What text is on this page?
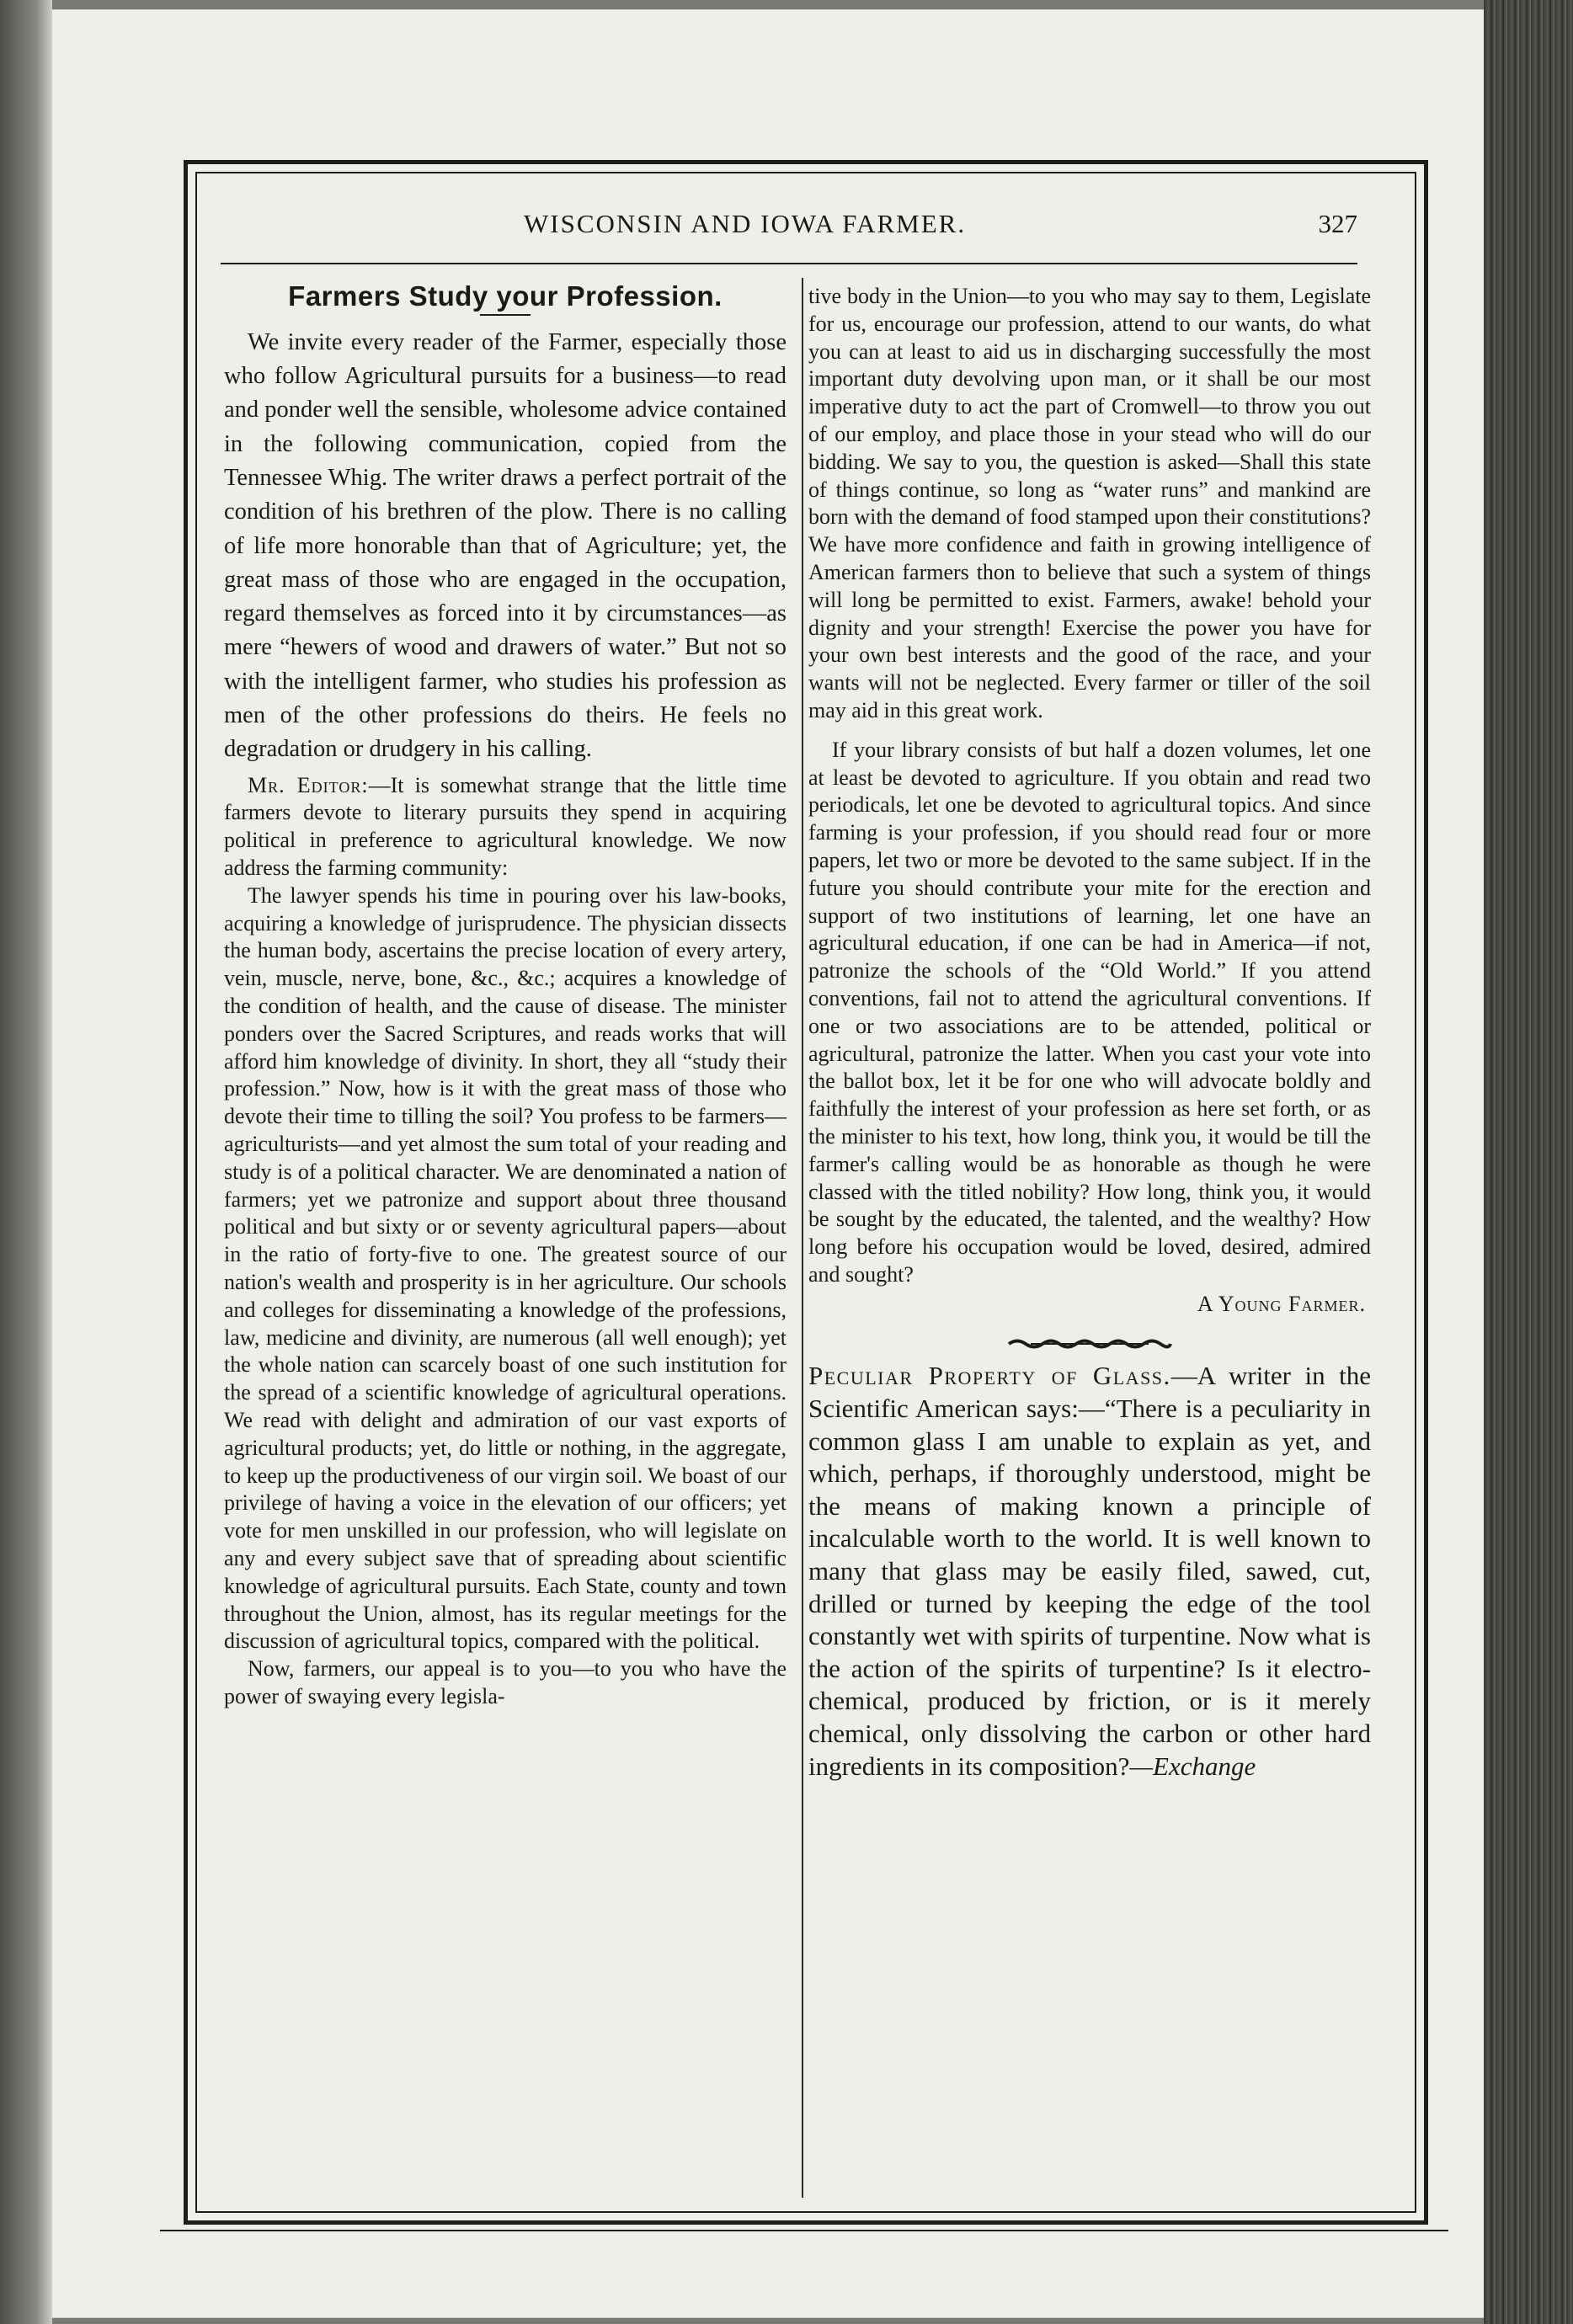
WISCONSIN AND IOWA FARMER.	327
Farmers Study your Profession.

We invite every reader of the Farmer, especially those who follow Agricultural pursuits for a business—to read and ponder well the sensible, wholesome advice contained in the following communication, copied from the Tennessee Whig. The writer draws a perfect portrait of the condition of his brethren of the plow. There is no calling of life more honorable than that of Agriculture; yet, the great mass of those who are engaged in the occupation, regard themselves as forced into it by circumstances—as mere “hewers of wood and drawers of water.” But not so with the intelligent farmer, who studies his profession as men of the other professions do theirs. He feels no degradation or drudgery in his calling.

Mr. Editor:—It is somewhat strange that the little time farmers devote to literary pursuits they spend in acquiring political in preference to agricultural knowledge. We now address the farming community:

The lawyer spends his time in pouring over his law-books, acquiring a knowledge of jurisprudence. The physician dissects the human body, ascertains the precise location of every artery, vein, muscle, nerve, bone, &c., &c.; acquires a knowledge of the condition of health, and the cause of disease. The minister ponders over the Sacred Scriptures, and reads works that will afford him knowledge of divinity. In short, they all “study their profession.” Now, how is it with the great mass of those who devote their time to tilling the soil? You profess to be farmers—agriculturists—and yet almost the sum total of your reading and study is of a political character. We are denominated a nation of farmers; yet we patronize and support about three thousand political and but sixty or or seventy agricultural papers—about in the ratio of forty-five to one. The greatest source of our nation's wealth and prosperity is in her agriculture. Our schools and colleges for disseminating a knowledge of the professions, law, medicine and divinity, are numerous (all well enough); yet the whole nation can scarcely boast of one such institution for the spread of a scientific knowledge of agricultural operations. We read with delight and admiration of our vast exports of agricultural products; yet, do little or nothing, in the aggregate, to keep up the productiveness of our virgin soil. We boast of our privilege of having a voice in the elevation of our officers; yet vote for men unskilled in our profession, who will legislate on any and every subject save that of spreading about scientific knowledge of agricultural pursuits. Each State, county and town throughout the Union, almost, has its regular meetings for the discussion of agricultural topics, compared with the political.

Now, farmers, our appeal is to you—to you who have the power of swaying every legisla-

tive body in the Union—to you who may say to them, Legislate for us, encourage our profession, attend to our wants, do what you can at least to aid us in discharging successfully the most important duty devolving upon man, or it shall be our most imperative duty to act the part of Cromwell—to throw you out of our employ, and place those in your stead who will do our bidding. We say to you, the question is asked—Shall this state of things continue, so long as “water runs” and mankind are born with the demand of food stamped upon their constitutions? We have more confidence and faith in growing intelligence of American farmers thon to believe that such a system of things will long be permitted to exist. Farmers, awake! behold your dignity and your strength! Exercise the power you have for your own best interests and the good of the race, and your wants will not be neglected. Every farmer or tiller of the soil may aid in this great work.

If your library consists of but half a dozen volumes, let one at least be devoted to agriculture. If you obtain and read two periodicals, let one be devoted to agricultural topics. And since farming is your profession, if you should read four or more papers, let two or more be devoted to the same subject. If in the future you should contribute your mite for the erection and support of two institutions of learning, let one have an agricultural education, if one can be had in America—if not, patronize the schools of the “Old World.” If you attend conventions, fail not to attend the agricultural conventions. If one or two associations are to be attended, political or agricultural, patronize the latter. When you cast your vote into the ballot box, let it be for one who will advocate boldly and faithfully the interest of your profession as here set forth, or as the minister to his text, how long, think you, it would be till the farmer's calling would be as honorable as though he were classed with the titled nobility? How long, think you, it would be sought by the educated, the talented, and the wealthy? How long before his occupation would be loved, desired, admired and sought?

A Young Farmer.

Peculiar Property of Glass.—A writer in the Scientific American says:—“There is a peculiarity in common glass I am unable to explain as yet, and which, perhaps, if thoroughly understood, might be the means of making known a principle of incalculable worth to the world. It is well known to many that glass may be easily filed, sawed, cut, drilled or turned by keeping the edge of the tool constantly wet with spirits of turpentine. Now what is the action of the spirits of turpentine? Is it electro-chemical, produced by friction, or is it merely chemical, only dissolving the carbon or other hard ingredients in its composition?—Exchange
